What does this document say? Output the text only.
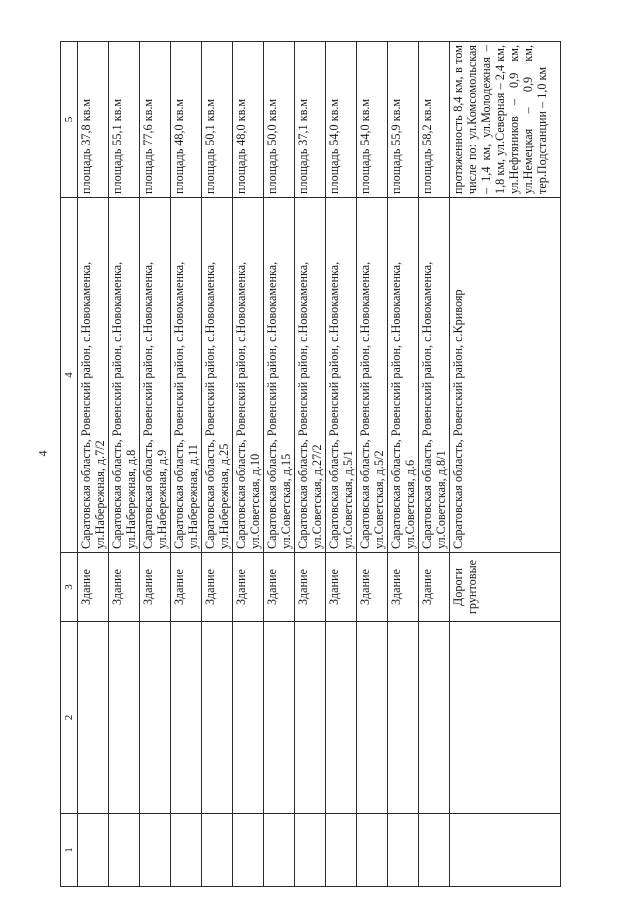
4
1	2	3	4	5
		Здание	Саратовская область, Ровенский район, с.Новокаменка, ул.Набережная, д.7/2	площадь 37,8 кв.м
		Здание	Саратовская область, Ровенский район, с.Новокаменка, ул.Набережная, д.8	площадь 55,1 кв.м
		Здание	Саратовская область, Ровенский район, с.Новокаменка, ул.Набережная, д.9	площадь 77,6 кв.м
		Здание	Саратовская область, Ровенский район, с.Новокаменка, ул.Набережная, д.11	площадь 48,0 кв.м
		Здание	Саратовская область, Ровенский район, с.Новокаменка, ул.Набережная, д.25	площадь 50,1 кв.м
		Здание	Саратовская область, Ровенский район, с.Новокаменка, ул.Советская, д.10	площадь 48,0 кв.м
		Здание	Саратовская область, Ровенский район, с.Новокаменка, ул.Советская, д.15	площадь 50,0 кв.м
		Здание	Саратовская область, Ровенский район, с.Новокаменка, ул.Советская, д.27/2	площадь 37,1 кв.м
		Здание	Саратовская область, Ровенский район, с.Новокаменка, ул.Советская, д.5/1	площадь 54,0 кв.м
		Здание	Саратовская область, Ровенский район, с.Новокаменка, ул.Советская, д.5/2	площадь 54,0 кв.м
		Здание	Саратовская область, Ровенский район, с.Новокаменка, ул.Советская, д.6	площадь 55,9 кв.м
		Здание	Саратовская область, Ровенский район, с.Новокаменка, ул.Советская, д.8/1	площадь 58,2 кв.м
		Дороги грунтовые	Саратовская область, Ровенский район, с.Кривояр	протяженность 8,4 км, в том числе по: ул.Комсомольская – 1,4 км, ул.Молодежная – 1,8 км, ул.Северная – 2,4 км, ул.Нефтяников – 0,9 км, ул.Немецкая – 0,9 км, тер.Подстанции – 1,0 км
